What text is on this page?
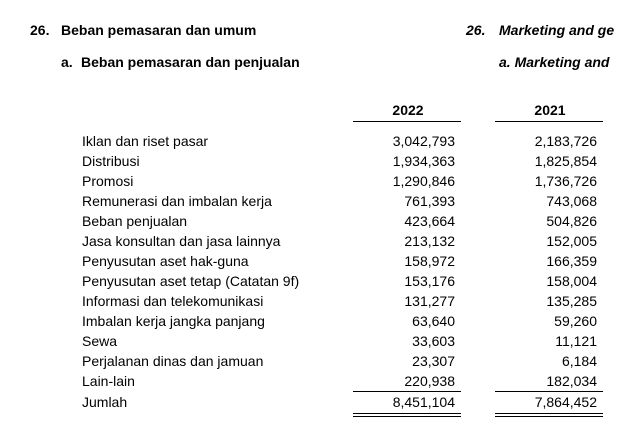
26. Beban pemasaran dan umum
a. Beban pemasaran dan penjualan
26. Marketing and ge
a. Marketing and
2022	2021
Iklan dan riset pasar	3,042,793	2,183,726
Distribusi	1,934,363	1,825,854
Promosi	1,290,846	1,736,726
Remunerasi dan imbalan kerja	761,393	743,068
Beban penjualan	423,664	504,826
Jasa konsultan dan jasa lainnya	213,132	152,005
Penyusutan aset hak-guna	158,972	166,359
Penyusutan aset tetap (Catatan 9f)	153,176	158,004
Informasi dan telekomunikasi	131,277	135,285
Imbalan kerja jangka panjang	63,640	59,260
Sewa	33,603	11,121
Perjalanan dinas dan jamuan	23,307	6,184
Lain-lain	220,938	182,034
Jumlah	8,451,104	7,864,452
